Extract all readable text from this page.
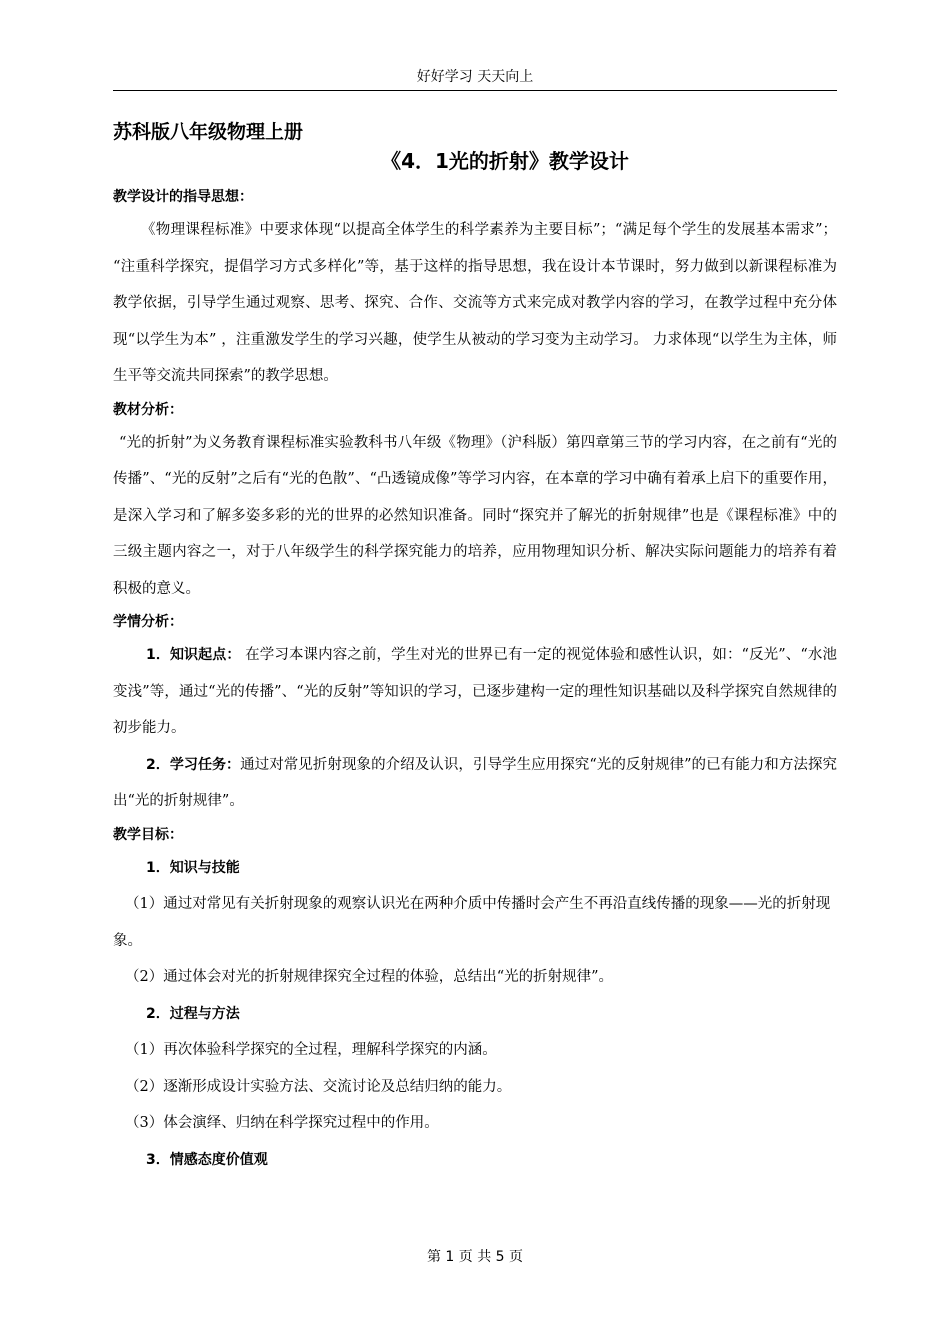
好好学习 天天向上

苏科版八年级物理上册

《4．1光的折射》教学设计

教学设计的指导思想：

《物理课程标准》中要求体现“以提高全体学生的科学素养为主要目标”；“满足每个学生的发展基本需求”； “注重科学探究，提倡学习方式多样化”等，基于这样的指导思想，我在设计本节课时，努力做到以新课程标准为教学依据，引导学生通过观察、思考、探究、合作、交流等方式来完成对教学内容的学习，在教学过程中充分体现“以学生为本” ，注重激发学生的学习兴趣，使学生从被动的学习变为主动学习。 力求体现“以学生为主体，师生平等交流共同探索”的教学思想。

教材分析：

“光的折射”为义务教育课程标准实验教科书八年级《物理》（沪科版）第四章第三节的学习内容，在之前有“光的传播”、“光的反射”之后有“光的色散”、“凸透镜成像”等学习内容，在本章的学习中确有着承上启下的重要作用，是深入学习和了解多姿多彩的光的世界的必然知识准备。同时“探究并了解光的折射规律”也是《课程标准》中的三级主题内容之一，对于八年级学生的科学探究能力的培养，应用物理知识分析、解决实际问题能力的培养有着积极的意义。

学情分析：

1．知识起点： 在学习本课内容之前，学生对光的世界已有一定的视觉体验和感性认识，如：“反光”、“水池变浅”等，通过“光的传播”、“光的反射”等知识的学习，已逐步建构一定的理性知识基础以及科学探究自然规律的初步能力。

2．学习任务：通过对常见折射现象的介绍及认识，引导学生应用探究“光的反射规律”的已有能力和方法探究出“光的折射规律”。

教学目标：

1．知识与技能

（1）通过对常见有关折射现象的观察认识光在两种介质中传播时会产生不再沿直线传播的现象——光的折射现象。

（2）通过体会对光的折射规律探究全过程的体验，总结出“光的折射规律”。

2．过程与方法

（1）再次体验科学探究的全过程，理解科学探究的内涵。

（2）逐渐形成设计实验方法、交流讨论及总结归纳的能力。

（3）体会演绎、归纳在科学探究过程中的作用。

3．情感态度价值观

第 1 页 共 5 页
